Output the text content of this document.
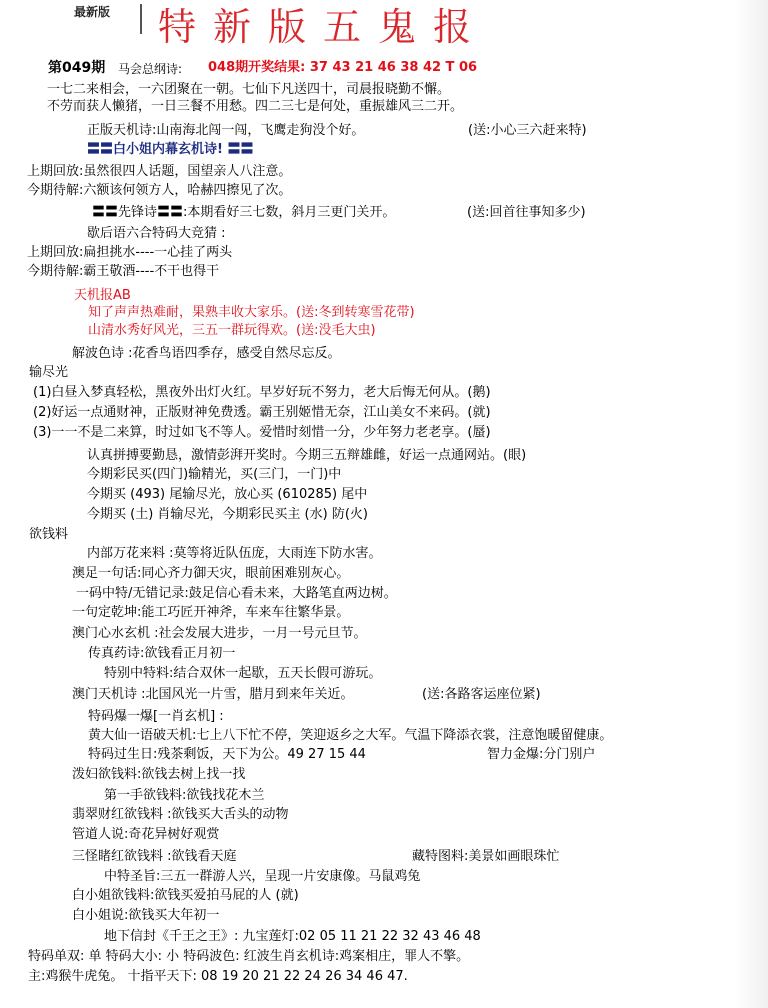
最新版 特新版五鬼报
第049期 马会总纲诗: 048期开奖结果: 37 43 21 46 38 42 T 06
一七二来相会，一六团聚在一朝。七仙下凡送四十，司晨报晓勤不懈。
不劳而获人懒猪，一日三餐不用愁。四二三七是何处，重振雄风三二开。
正版天机诗:山南海北闯一闯，飞鹰走狗没个好。	(送:小心三六赶来特)
〓〓白小姐内幕玄机诗! 〓〓
上期回放:虽然很四人话题，国望亲人八注意。
今期待解:六额该何领方人，哈赫四擦见了次。
〓〓先锋诗〓〓:本期看好三七数，斜月三更门关开。	(送:回首往事知多少)
歇后语六合特码大竞猜 :
上期回放:扁担挑水----一心挂了两头
今期待解:霸王敬酒----不干也得干
天机报AB
知了声声热难耐，果熟丰收大家乐。(送:冬到转寒雪花带)
山清水秀好风光，三五一群玩得欢。(送:没毛大虫)
解波色诗 :花香鸟语四季存，感受自然尽忘反。
输尽光
(1)白昼入梦真轻松，黑夜外出灯火红。早岁好玩不努力，老大后悔无何从。(鹅)
(2)好运一点通财神，正版财神免费透。霸王别姬惜无奈，江山美女不来码。(就)
(3)一一不是二来算，时过如飞不等人。爱惜时刻惜一分，少年努力老老享。(蜃)
认真拼搏要勤恳，激情彭湃开奖时。今期三五辩雄雌，好运一点通网站。(眼)
今期彩民买(四门)输精光，买(三门，一门)中
今期买 (493) 尾输尽光，放心买 (610285) 尾中
今期买 (土) 肖输尽光，今期彩民买主 (水) 防(火)
欲钱料
内部万花来料 :莫等将近队伍庞，大雨连下防水害。
澳足一句话:同心齐力御天灾，眼前困难别灰心。
一码中特/无错记录:鼓足信心看未来，大路笔直两边树。
一句定乾坤:能工巧匠开神斧，车来车往繁华景。
澳门心水玄机 :社会发展大进步，一月一号元旦节。
传真药诗:欲钱看正月初一
特别中特料:结合双休一起歇，五天长假可游玩。
澳门天机诗 :北国风光一片雪，腊月到来年关近。	(送:各路客运座位紧)
特码爆一爆[一肖玄机] :
黄大仙一语破天机:七上八下忙不停，笑迎返乡之大军。气温下降添衣裳，注意饱暖留健康。
特码过生日:残茶剩饭，天下为公。49 27 15 44	智力金爆:分门别户
泼妇欲钱料:欲钱去树上找一找
第一手欲钱料:欲钱找花木兰
翡翠财红欲钱料 :欲钱买大舌头的动物
管道人说:奇花异树好观赏
三怪睹红欲钱料 :欲钱看天庭	藏特图料:美景如画眼珠忙
中特圣旨:三五一群游人兴，呈现一片安康像。马鼠鸡兔
白小姐欲钱料:欲钱买爱拍马屁的人 (就)
白小姐说:欲钱买大年初一
地下信封《千王之王》: 九宝莲灯:02 05 11 21 22 32 43 46 48
特码单双: 单 特码大小: 小 特码波色: 红波生肖玄机诗:鸡案相庄，罪人不擎。
主:鸡猴牛虎兔。 十指平天下: 08 19 20 21 22 24 26 34 46 47.
